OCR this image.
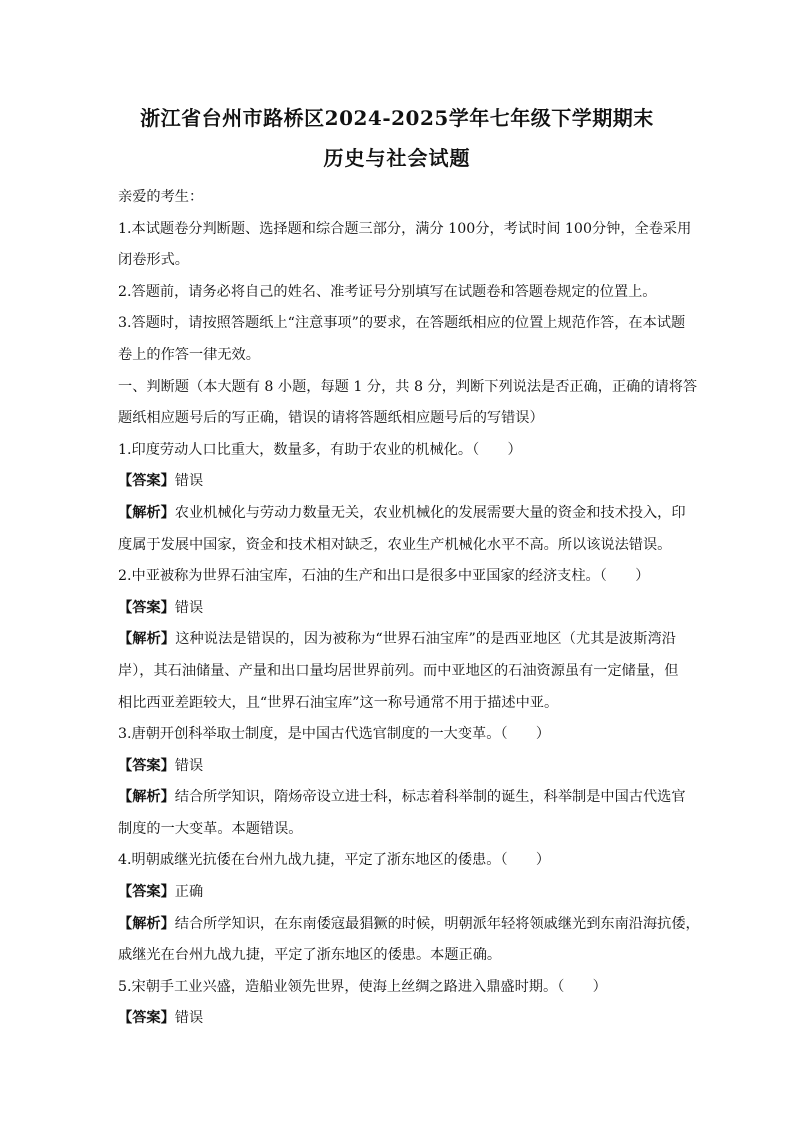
浙江省台州市路桥区2024-2025学年七年级下学期期末
历史与社会试题
亲爱的考生：
1.本试题卷分判断题、选择题和综合题三部分，满分 100分，考试时间 100分钟，全卷采用
闭卷形式。
2.答题前，请务必将自己的姓名、准考证号分别填写在试题卷和答题卷规定的位置上。
3.答题时，请按照答题纸上“注意事项”的要求，在答题纸相应的位置上规范作答，在本试题
卷上的作答一律无效。
一、判断题（本大题有 8 小题，每题 1 分，共 8 分，判断下列说法是否正确，正确的请将答
题纸相应题号后的写正确，错误的请将答题纸相应题号后的写错误）
1.印度劳动人口比重大，数量多，有助于农业的机械化。（　　）
【答案】错误
【解析】农业机械化与劳动力数量无关，农业机械化的发展需要大量的资金和技术投入，印
度属于发展中国家，资金和技术相对缺乏，农业生产机械化水平不高。所以该说法错误。
2.中亚被称为世界石油宝库，石油的生产和出口是很多中亚国家的经济支柱。（　　）
【答案】错误
【解析】这种说法是错误的，因为被称为“世界石油宝库”的是西亚地区（尤其是波斯湾沿
岸），其石油储量、产量和出口量均居世界前列。而中亚地区的石油资源虽有一定储量，但
相比西亚差距较大，且“世界石油宝库”这一称号通常不用于描述中亚。
3.唐朝开创科举取士制度，是中国古代选官制度的一大变革。（　　）
【答案】错误
【解析】结合所学知识，隋炀帝设立进士科，标志着科举制的诞生，科举制是中国古代选官
制度的一大变革。本题错误。
4.明朝戚继光抗倭在台州九战九捷，平定了浙东地区的倭患。（　　）
【答案】正确
【解析】结合所学知识，在东南倭寇最猖獗的时候，明朝派年轻将领戚继光到东南沿海抗倭，
戚继光在台州九战九捷，平定了浙东地区的倭患。本题正确。
5.宋朝手工业兴盛，造船业领先世界，使海上丝绸之路进入鼎盛时期。（　　）
【答案】错误
